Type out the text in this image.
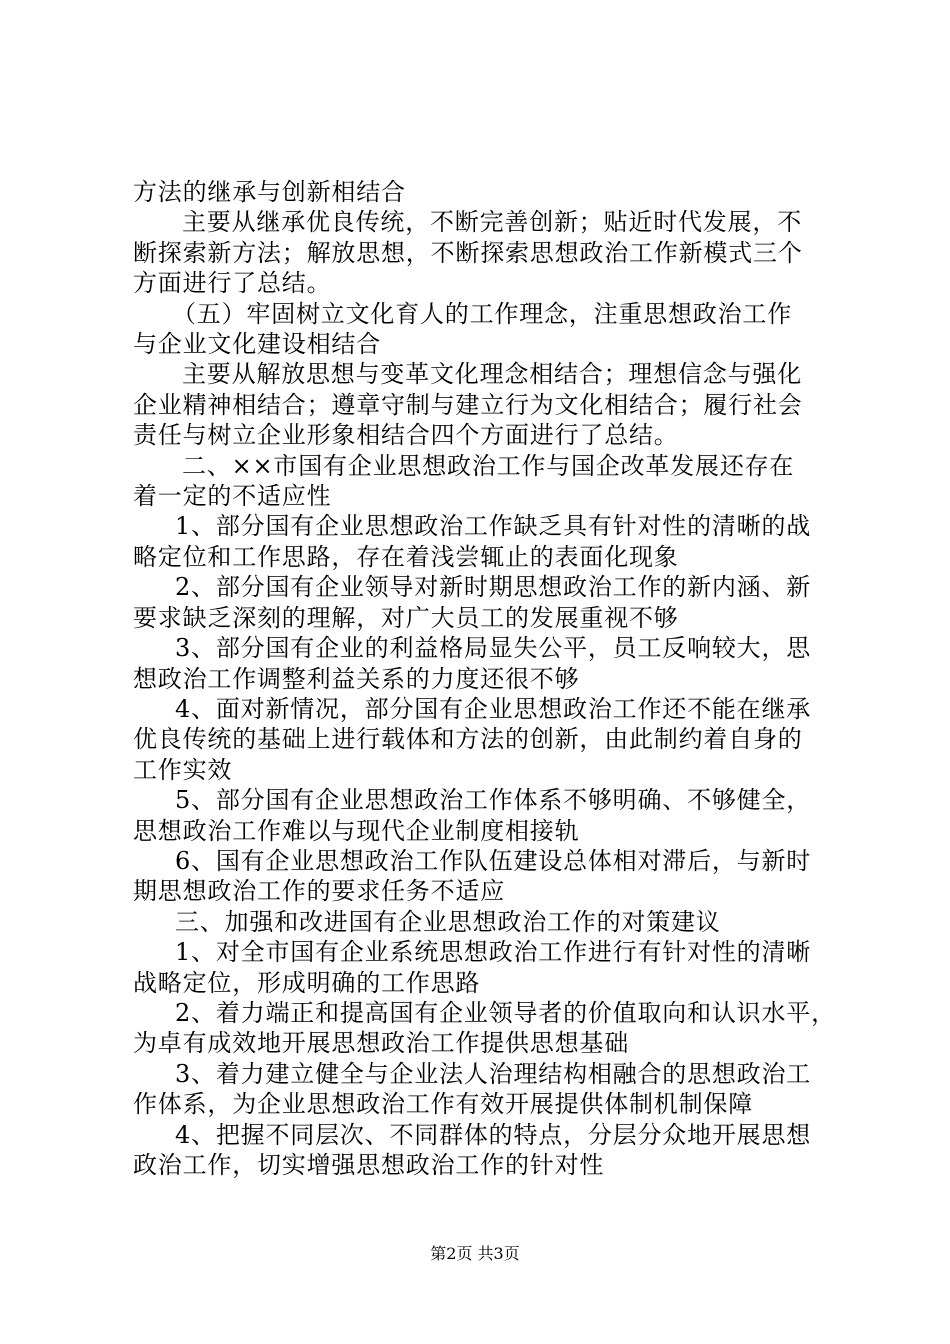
方法的继承与创新相结合
主要从继承优良传统，不断完善创新；贴近时代发展，不
断探索新方法；解放思想，不断探索思想政治工作新模式三个
方面进行了总结。
（五）牢固树立文化育人的工作理念，注重思想政治工作
与企业文化建设相结合
主要从解放思想与变革文化理念相结合；理想信念与强化
企业精神相结合；遵章守制与建立行为文化相结合；履行社会
责任与树立企业形象相结合四个方面进行了总结。
二、××市国有企业思想政治工作与国企改革发展还存在
着一定的不适应性
1、部分国有企业思想政治工作缺乏具有针对性的清晰的战
略定位和工作思路，存在着浅尝辄止的表面化现象
2、部分国有企业领导对新时期思想政治工作的新内涵、新
要求缺乏深刻的理解，对广大员工的发展重视不够
3、部分国有企业的利益格局显失公平，员工反响较大，思
想政治工作调整利益关系的力度还很不够
4、面对新情况，部分国有企业思想政治工作还不能在继承
优良传统的基础上进行载体和方法的创新，由此制约着自身的
工作实效
5、部分国有企业思想政治工作体系不够明确、不够健全，
思想政治工作难以与现代企业制度相接轨
6、国有企业思想政治工作队伍建设总体相对滞后，与新时
期思想政治工作的要求任务不适应
三、加强和改进国有企业思想政治工作的对策建议
1、对全市国有企业系统思想政治工作进行有针对性的清晰
战略定位，形成明确的工作思路
2、着力端正和提高国有企业领导者的价值取向和认识水平，
为卓有成效地开展思想政治工作提供思想基础
3、着力建立健全与企业法人治理结构相融合的思想政治工
作体系，为企业思想政治工作有效开展提供体制机制保障
4、把握不同层次、不同群体的特点，分层分众地开展思想
政治工作，切实增强思想政治工作的针对性
第2页 共3页
